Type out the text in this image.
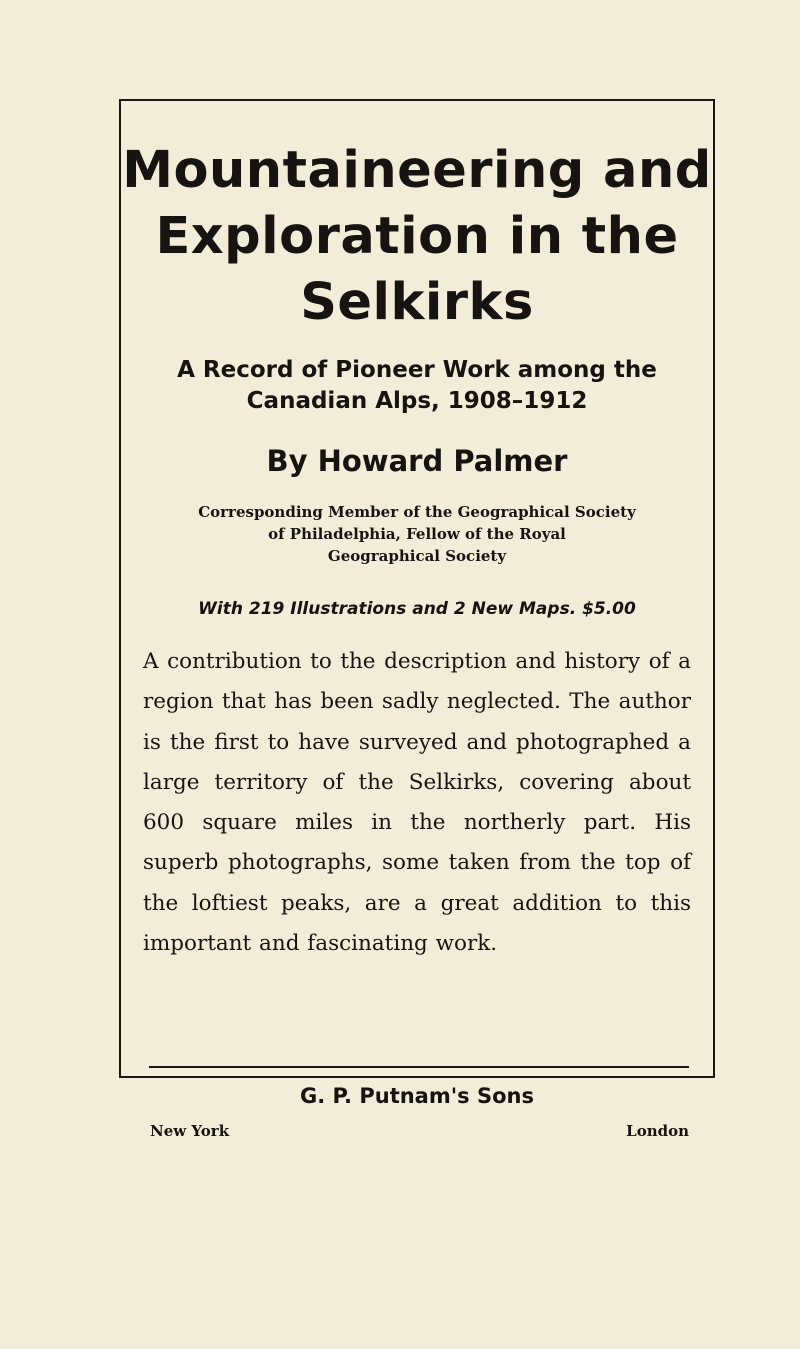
Mountaineering and
Exploration in the
Selkirks
A Record of Pioneer Work among the
Canadian Alps, 1908–1912
By Howard Palmer
Corresponding Member of the Geographical Society
of Philadelphia, Fellow of the Royal
Geographical Society
With 219 Illustrations and 2 New Maps. $5.00
A contribution to the description and history of a region that has been sadly neglected. The author is the first to have surveyed and photographed a large territory of the Selkirks, covering about 600 square miles in the northerly part. His superb photographs, some taken from the top of the loftiest peaks, are a great addition to this important and fascinating work.
G. P. Putnam's Sons
New York	London
